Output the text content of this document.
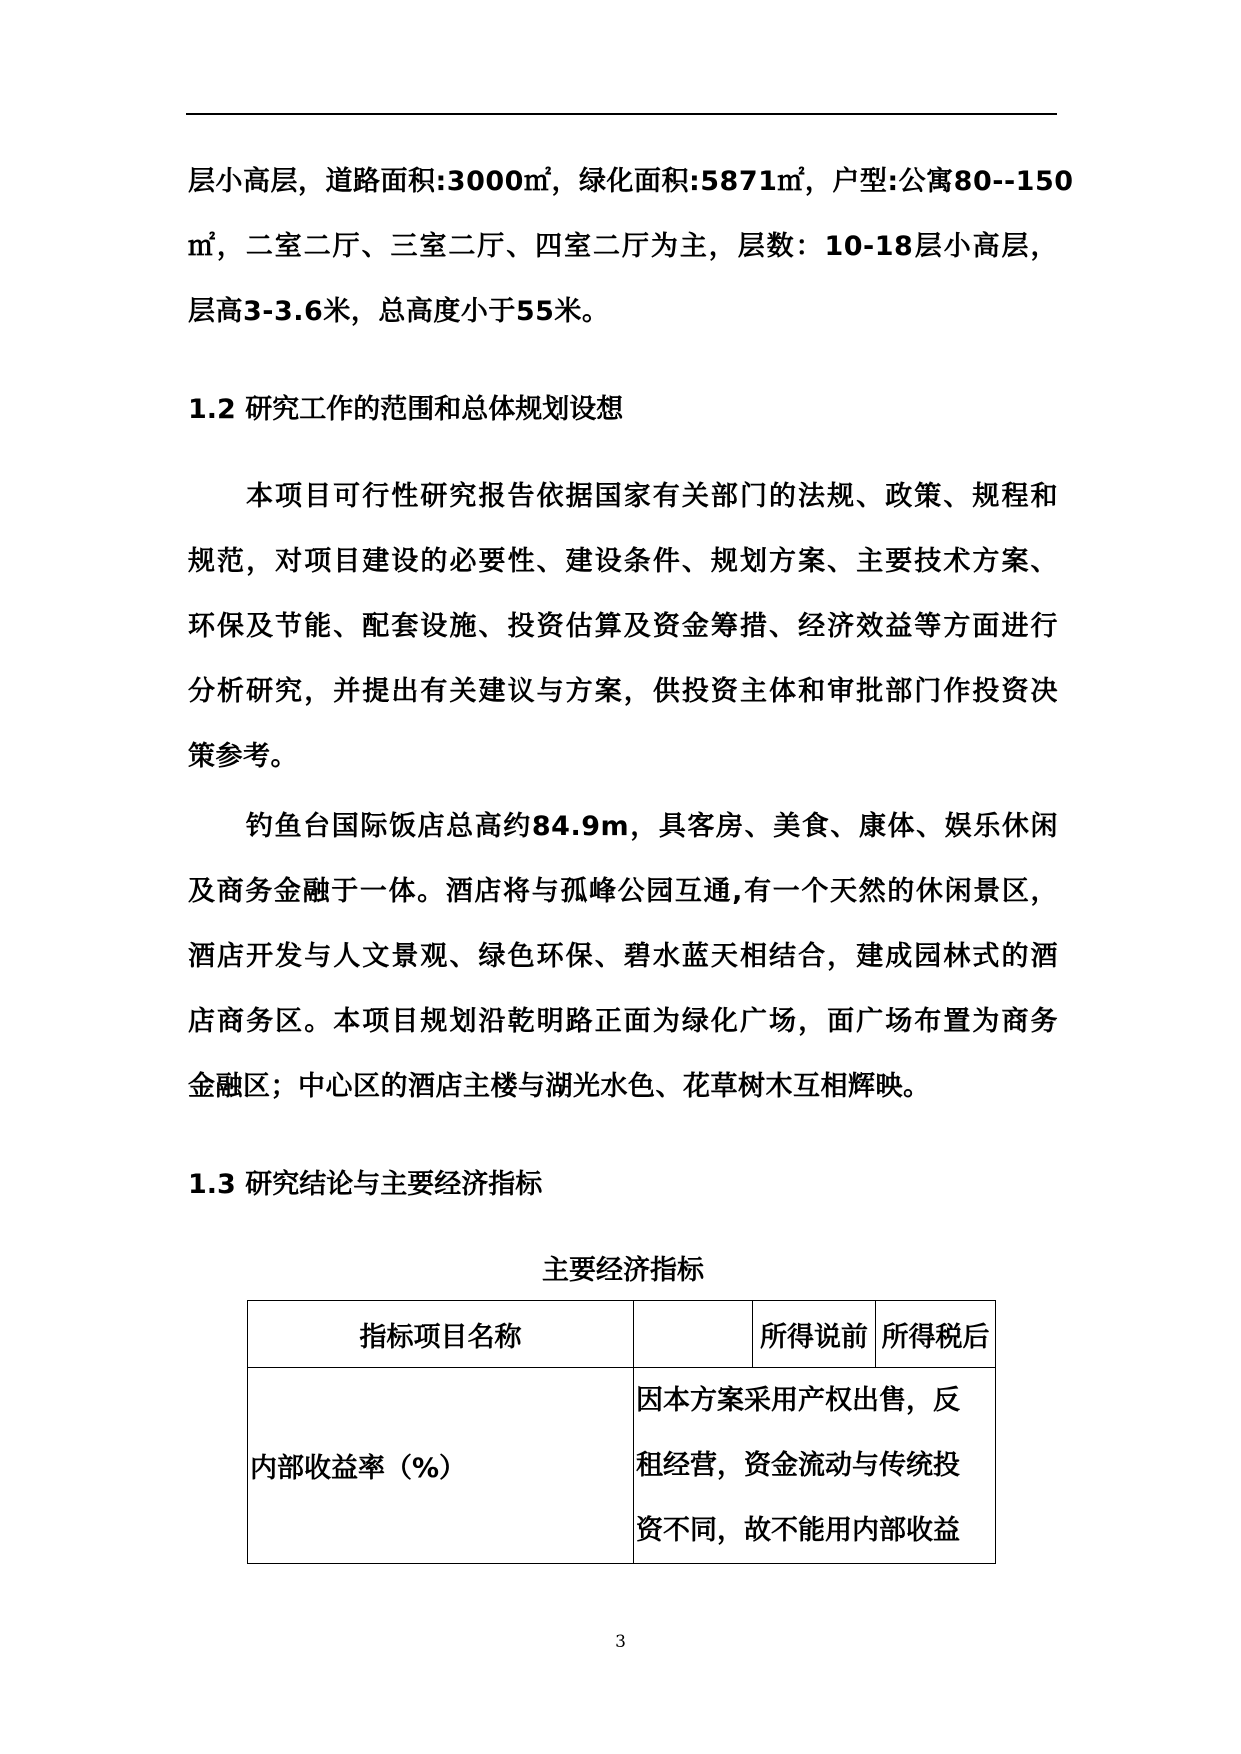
层小高层，道路面积:3000㎡，绿化面积:5871㎡，户型:公寓80--150
㎡，二室二厅、三室二厅、四室二厅为主，层数：10-18层小高层，
层高3-3.6米，总高度小于55米。
1.2 研究工作的范围和总体规划设想
本项目可行性研究报告依据国家有关部门的法规、政策、规程和
规范，对项目建设的必要性、建设条件、规划方案、主要技术方案、
环保及节能、配套设施、投资估算及资金筹措、经济效益等方面进行
分析研究，并提出有关建议与方案，供投资主体和审批部门作投资决
策参考。
钓鱼台国际饭店总高约84.9m，具客房、美食、康体、娱乐休闲
及商务金融于一体。酒店将与孤峰公园互通,有一个天然的休闲景区，
酒店开发与人文景观、绿色环保、碧水蓝天相结合，建成园林式的酒
店商务区。本项目规划沿乾明路正面为绿化广场，面广场布置为商务
金融区；中心区的酒店主楼与湖光水色、花草树木互相辉映。
1.3 研究结论与主要经济指标
主要经济指标
指标项目名称		所得说前	所得税后
内部收益率（%）	因本方案采用产权出售，反
租经营，资金流动与传统投
资不同，故不能用内部收益		
3
